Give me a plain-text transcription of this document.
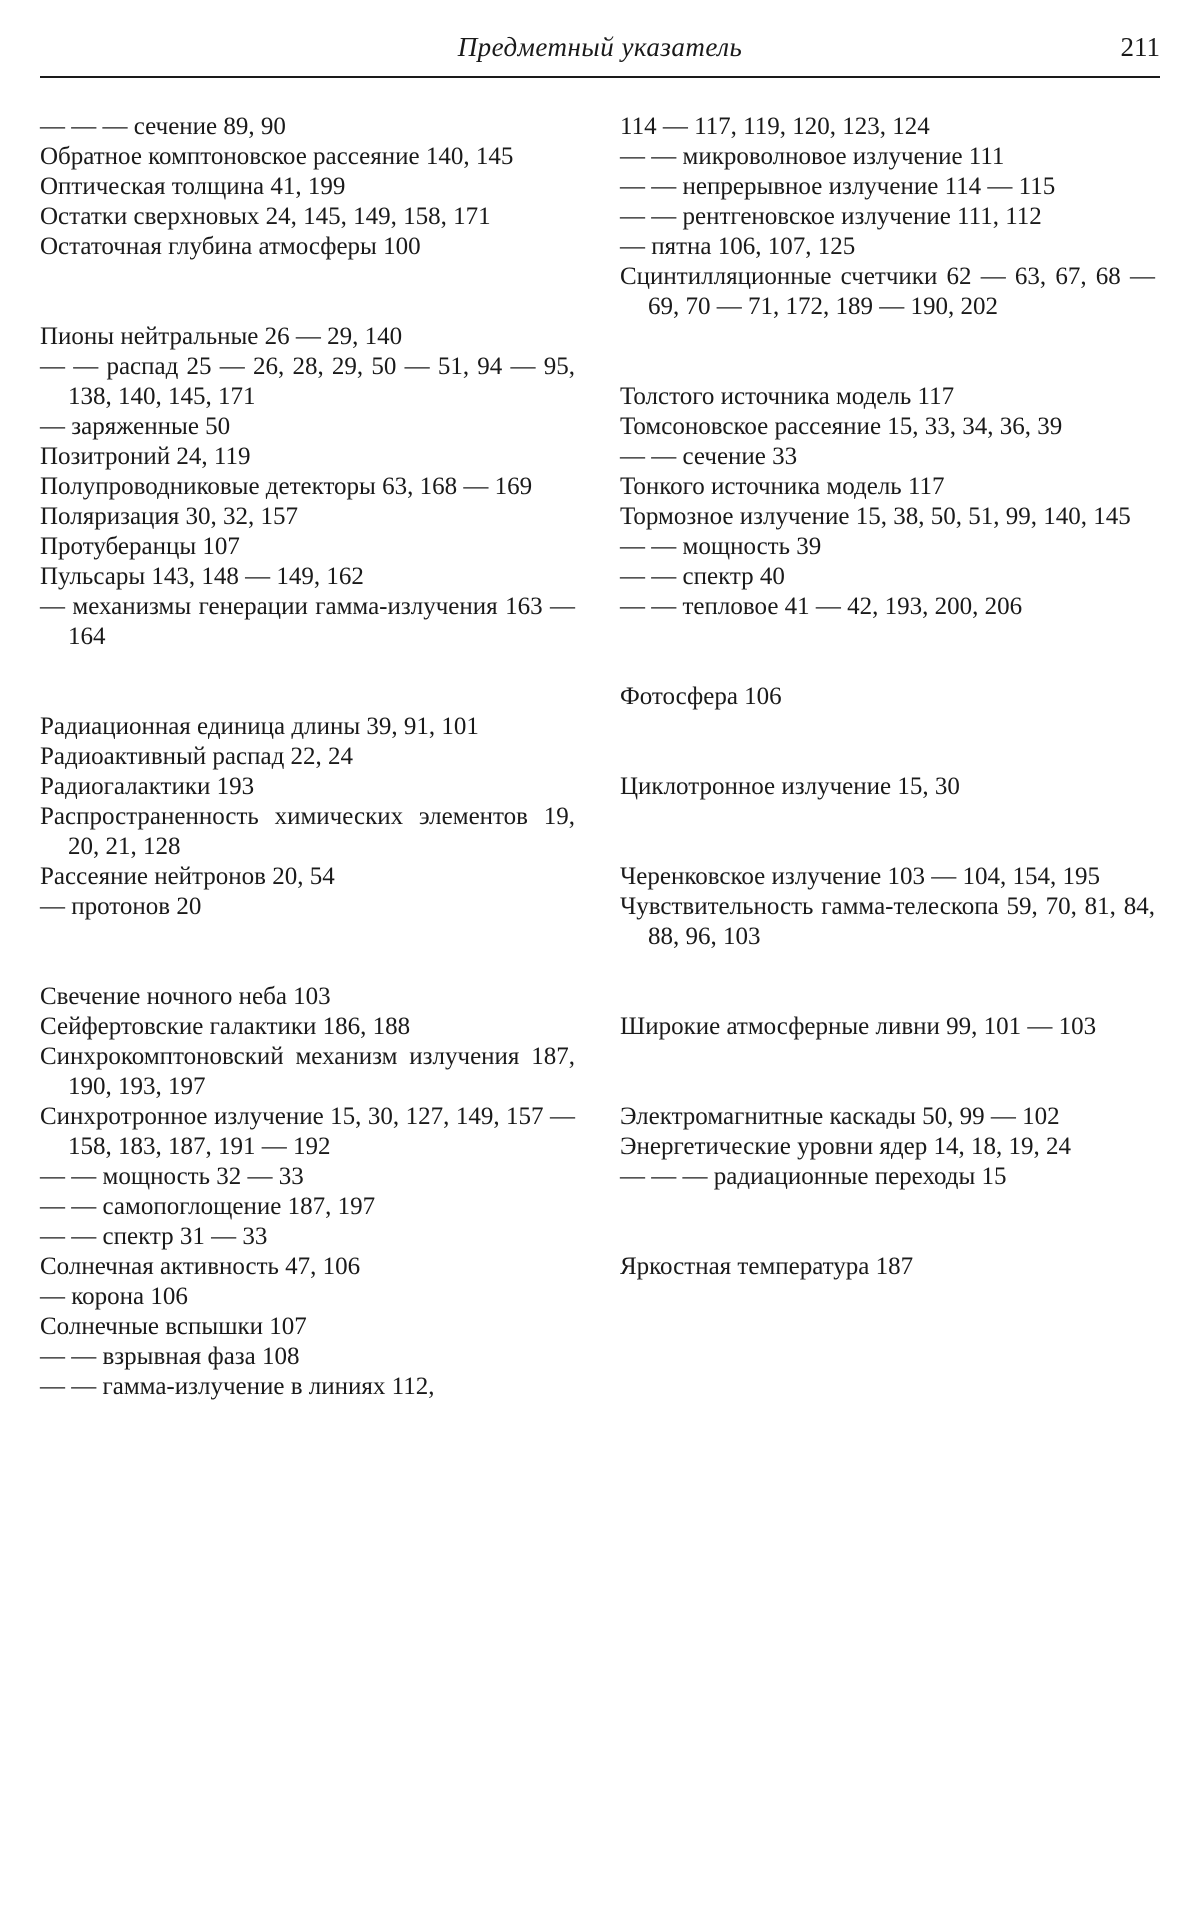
Предметный указатель	211

— — — сечение 89, 90

Обратное комптоновское рассеяние 140, 145

Оптическая толщина 41, 199

Остатки сверхновых 24, 145, 149, 158, 171

Остаточная глубина атмосферы 100

Пионы нейтральные 26 — 29, 140

— — распад 25 — 26, 28, 29, 50 — 51, 94 — 95, 138, 140, 145, 171

— заряженные 50

Позитроний 24, 119

Полупроводниковые детекторы 63, 168 — 169

Поляризация 30, 32, 157

Протуберанцы 107

Пульсары 143, 148 — 149, 162

— механизмы генерации гамма-излучения 163 — 164

Радиационная единица длины 39, 91, 101

Радиоактивный распад 22, 24

Радиогалактики 193

Распространенность химических элементов 19, 20, 21, 128

Рассеяние нейтронов 20, 54

— протонов 20

Свечение ночного неба 103

Сейфертовские галактики 186, 188

Синхрокомптоновский механизм излучения 187, 190, 193, 197

Синхротронное излучение 15, 30, 127, 149, 157 — 158, 183, 187, 191 — 192

— — мощность 32 — 33

— — самопоглощение 187, 197

— — спектр 31 — 33

Солнечная активность 47, 106

— корона 106

Солнечные вспышки 107

— — взрывная фаза 108

— — гамма-излучение в линиях 112,

114 — 117, 119, 120, 123, 124

— — микроволновое излучение 111

— — непрерывное излучение 114 — 115

— — рентгеновское излучение 111, 112

— пятна 106, 107, 125

Сцинтилляционные счетчики 62 — 63, 67, 68 — 69, 70 — 71, 172, 189 — 190, 202

Толстого источника модель 117

Томсоновское рассеяние 15, 33, 34, 36, 39

— — сечение 33

Тонкого источника модель 117

Тормозное излучение 15, 38, 50, 51, 99, 140, 145

— — мощность 39

— — спектр 40

— — тепловое 41 — 42, 193, 200, 206

Фотосфера 106

Циклотронное излучение 15, 30

Черенковское излучение 103 — 104, 154, 195

Чувствительность гамма-телескопа 59, 70, 81, 84, 88, 96, 103

Широкие атмосферные ливни 99, 101 — 103

Электромагнитные каскады 50, 99 — 102

Энергетические уровни ядер 14, 18, 19, 24

— — — радиационные переходы 15

Яркостная температура 187
